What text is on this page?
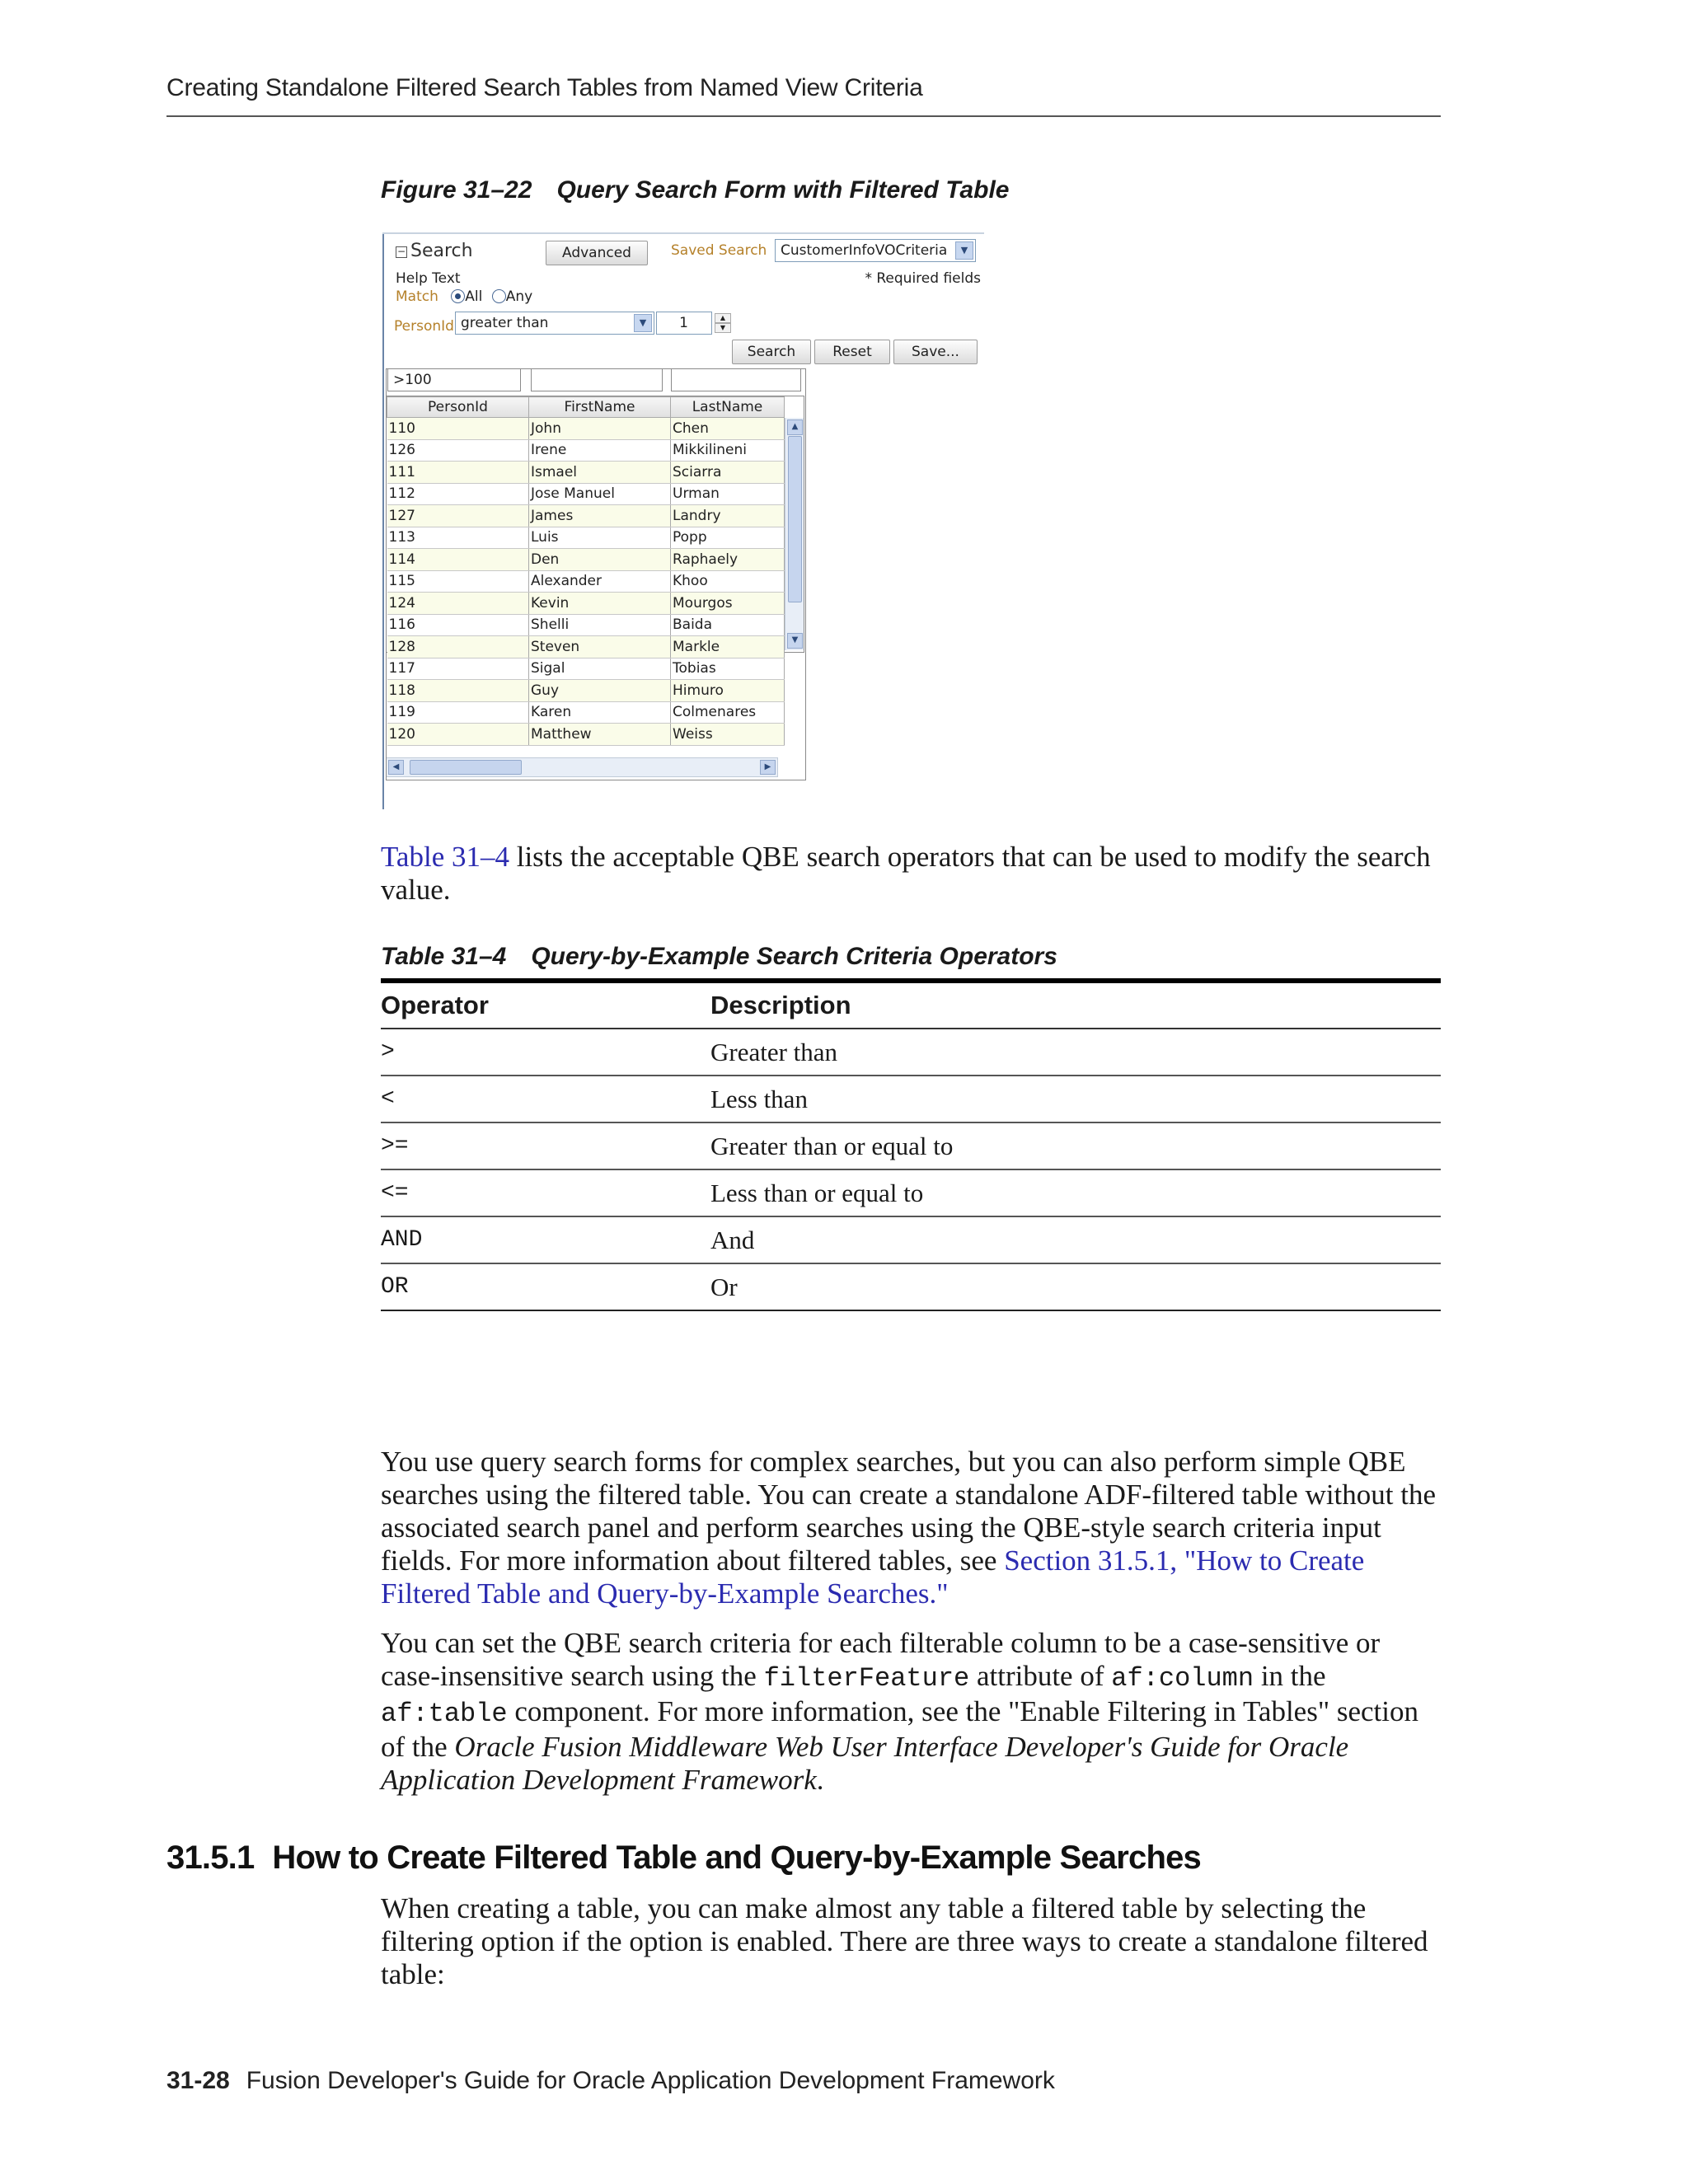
Creating Standalone Filtered Search Tables from Named View Criteria
Figure 31–22 Query Search Form with Filtered Table
− Search	Advanced	Saved Search CustomerInfoVOCriteria	▼
Help Text	* Required fields
Match All Any
PersonId greater than	▼	1	▲
▼
Search	Reset	Save...
>100
PersonId	FirstName	LastName
110	John	Chen
126	Irene	Mikkilineni
111	Ismael	Sciarra
112	Jose Manuel	Urman
127	James	Landry
113	Luis	Popp
114	Den	Raphaely
115	Alexander	Khoo
124	Kevin	Mourgos
116	Shelli	Baida
128	Steven	Markle
117	Sigal	Tobias
118	Guy	Himuro
119	Karen	Colmenares
120	Matthew	Weiss
▲
▼
◀	▶
Table 31–4 lists the acceptable QBE search operators that can be used to modify the search value.
Table 31–4 Query-by-Example Search Criteria Operators
Operator	Description
>	Greater than
<	Less than
>=	Greater than or equal to
<=	Less than or equal to
AND	And
OR	Or
You use query search forms for complex searches, but you can also perform simple QBE searches using the filtered table. You can create a standalone ADF-filtered table without the associated search panel and perform searches using the QBE-style search criteria input fields. For more information about filtered tables, see Section 31.5.1, "How to Create Filtered Table and Query-by-Example Searches."
You can set the QBE search criteria for each filterable column to be a case-sensitive or case-insensitive search using the filterFeature attribute of af:column in the af:table component. For more information, see the "Enable Filtering in Tables" section of the Oracle Fusion Middleware Web User Interface Developer's Guide for Oracle Application Development Framework.
31.5.1 How to Create Filtered Table and Query-by-Example Searches
When creating a table, you can make almost any table a filtered table by selecting the filtering option if the option is enabled. There are three ways to create a standalone filtered table:
31-28 Fusion Developer's Guide for Oracle Application Development Framework
